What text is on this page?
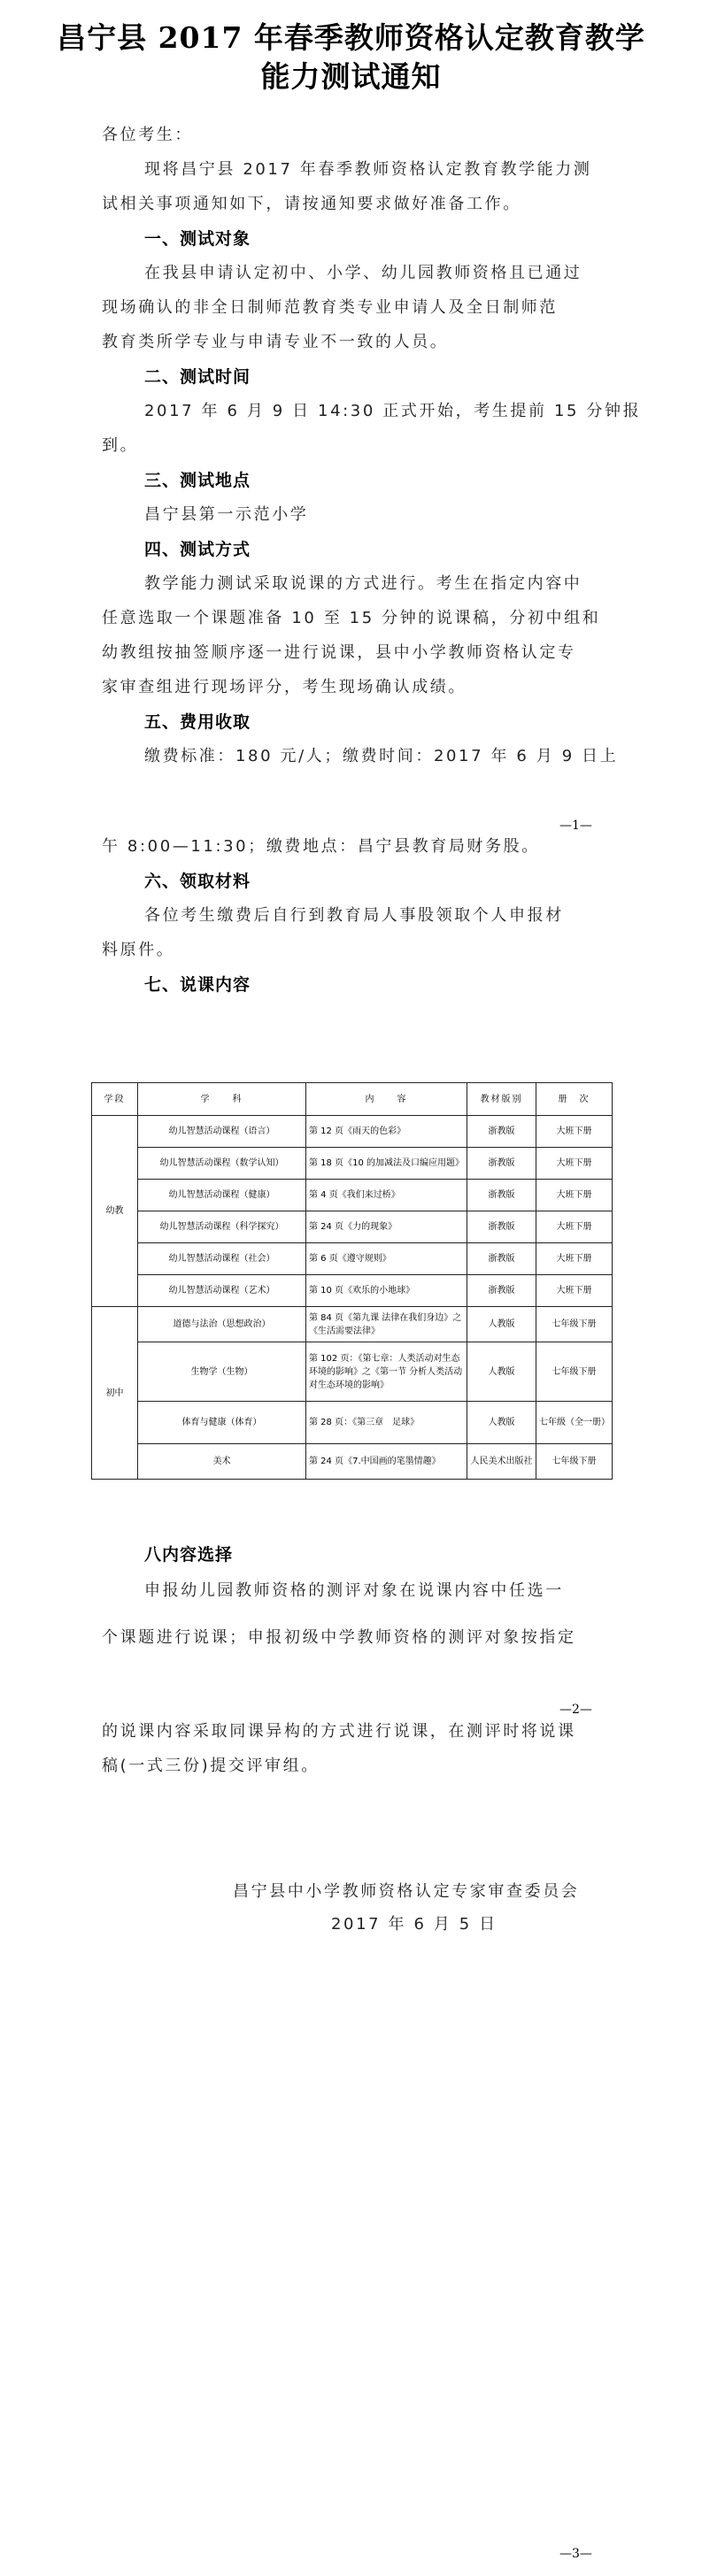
昌宁县 2017 年春季教师资格认定教育教学
能力测试通知
各位考生：
现将昌宁县 2017 年春季教师资格认定教育教学能力测
试相关事项通知如下，请按通知要求做好准备工作。
一、测试对象
在我县申请认定初中、小学、幼儿园教师资格且已通过
现场确认的非全日制师范教育类专业申请人及全日制师范
教育类所学专业与申请专业不一致的人员。
二、测试时间
2017 年 6 月 9 日 14:30 正式开始，考生提前 15 分钟报
到。
三、测试地点
昌宁县第一示范小学
四、测试方式
教学能力测试采取说课的方式进行。考生在指定内容中
任意选取一个课题准备 10 至 15 分钟的说课稿，分初中组和
幼教组按抽签顺序逐一进行说课，县中小学教师资格认定专
家审查组进行现场评分，考生现场确认成绩。
五、费用收取
缴费标准：180 元/人；缴费时间：2017 年 6 月 9 日上
—1—
午 8:00—11:30；缴费地点：昌宁县教育局财务股。
六、领取材料
各位考生缴费后自行到教育局人事股领取个人申报材
料原件。
七、说课内容
学段	学　　科	内　　容	教材版别	册　次
幼教	幼儿智慧活动课程（语言）	第 12 页《雨天的色彩》	浙教版	大班下册
	幼儿智慧活动课程（数学认知）	第 18 页《10 的加减法及口编应用题》	浙教版	大班下册
	幼儿智慧活动课程（健康）	第 4 页《我们来过桥》	浙教版	大班下册
	幼儿智慧活动课程（科学探究）	第 24 页《力的现象》	浙教版	大班下册
	幼儿智慧活动课程（社会）	第 6 页《遵守规则》	浙教版	大班下册
	幼儿智慧活动课程（艺术）	第 10 页《欢乐的小地球》	浙教版	大班下册
初中	道德与法治（思想政治）	第 84 页《第九课 法律在我们身边》之《生活需要法律》	人教版	七年级下册
	生物学（生物）	第 102 页：《第七章：人类活动对生态环境的影响》之《第一节 分析人类活动对生态环境的影响》	人教版	七年级下册
	体育与健康（体育）	第 28 页：《第三章　足球》	人教版	七年级（全一册）
	美术	第 24 页《7.中国画的笔墨情趣》	人民美术出版社	七年级下册
八内容选择
申报幼儿园教师资格的测评对象在说课内容中任选一
个课题进行说课；申报初级中学教师资格的测评对象按指定
—2—
的说课内容采取同课异构的方式进行说课，在测评时将说课
稿(一式三份)提交评审组。
昌宁县中小学教师资格认定专家审查委员会
2017 年 6 月 5 日
—3—
